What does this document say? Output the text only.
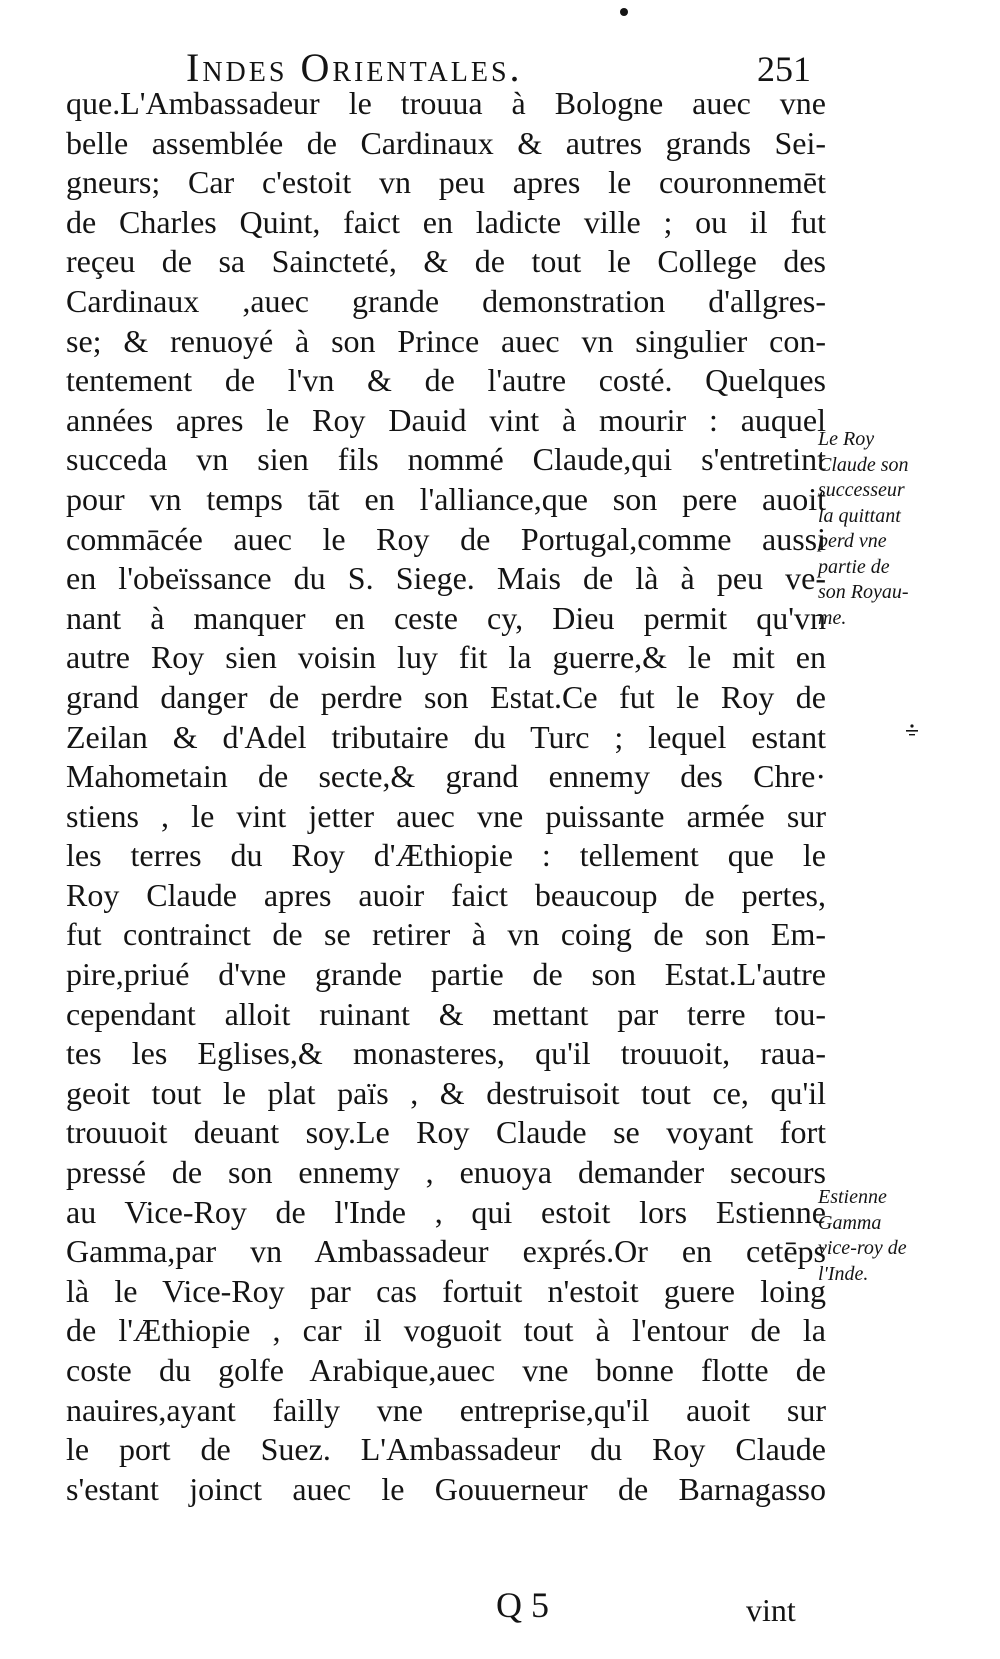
Indes Orientales.	251
que.L'Ambassadeur le trouua à Bologne auec vne
belle assemblée de Cardinaux & autres grands Sei-
gneurs; Car c'estoit vn peu apres le couronnemēt
de Charles Quint, faict en ladicte ville ; ou il fut
reçeu de sa Saincteté, & de tout le College des
Cardinaux ,auec grande demonstration d'allgres-
se; & renuoyé à son Prince auec vn singulier con-
tentement de l'vn & de l'autre costé. Quelques
années apres le Roy Dauid vint à mourir : auquel
succeda vn sien fils nommé Claude,qui s'entretint
pour vn temps tāt en l'alliance,que son pere auoit
commācée auec le Roy de Portugal,comme aussi
en l'obeïssance du S. Siege. Mais de là à peu ve-
nant à manquer en ceste cy, Dieu permit qu'vn
autre Roy sien voisin luy fit la guerre,& le mit en
grand danger de perdre son Estat.Ce fut le Roy de
Zeilan & d'Adel tributaire du Turc ; lequel estant
Mahometain de secte,& grand ennemy des Chre·
stiens , le vint jetter auec vne puissante armée sur
les terres du Roy d'Æthiopie : tellement que le
Roy Claude apres auoir faict beaucoup de pertes,
fut contrainct de se retirer à vn coing de son Em-
pire,priué d'vne grande partie de son Estat.L'autre
cependant alloit ruinant & mettant par terre tou-
tes les Eglises,& monasteres, qu'il trouuoit, raua-
geoit tout le plat païs , & destruisoit tout ce, qu'il
trouuoit deuant soy.Le Roy Claude se voyant fort
pressé de son ennemy , enuoya demander secours
au Vice-Roy de l'Inde , qui estoit lors Estienne
Gamma,par vn Ambassadeur exprés.Or en cetēps
là le Vice-Roy par cas fortuit n'estoit guere loing
de l'Æthiopie , car il voguoit tout à l'entour de la
coste du golfe Arabique,auec vne bonne flotte de
nauires,ayant failly vne entreprise,qu'il auoit sur
le port de Suez. L'Ambassadeur du Roy Claude
s'estant joinct auec le Gouuerneur de Barnagasso
Le Roy
Claude son
successeur
la quittant
perd vne
partie de
son Royau-
me.
Estienne
Gamma
vice-roy de
l'Inde.
Q 5	vint
